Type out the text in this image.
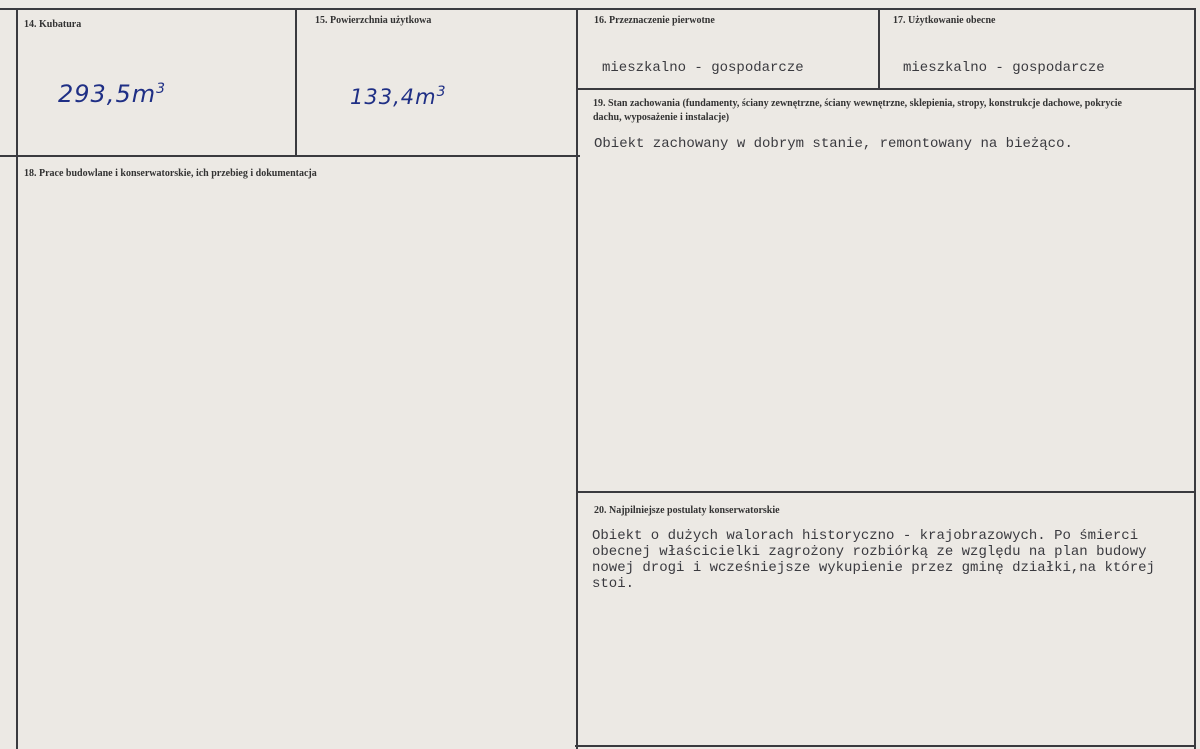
14. Kubatura
$293,5m^3$
15. Powierzchnia użytkowa
$133,4m^3$
16. Przeznaczenie pierwotne
mieszkalno - gospodarcze
17. Użytkowanie obecne
mieszkalno - gospodarcze
18. Prace budowlane i konserwatorskie, ich przebieg i dokumentacja
19. Stan zachowania (fundamenty, ściany zewnętrzne, ściany wewnętrzne, sklepienia, stropy, konstrukcje dachowe, pokrycie dachu, wyposażenie i instalacje)
Obiekt zachowany w dobrym stanie, remontowany na bieżąco.
20. Najpilniejsze postulaty konserwatorskie
Obiekt o dużych walorach historyczno - krajobrazowych. Po śmierci
obecnej właścicielki zagrożony rozbiórką ze względu na plan budowy
nowej drogi i wcześniejsze wykupienie przez gminę działki,na której
stoi.
